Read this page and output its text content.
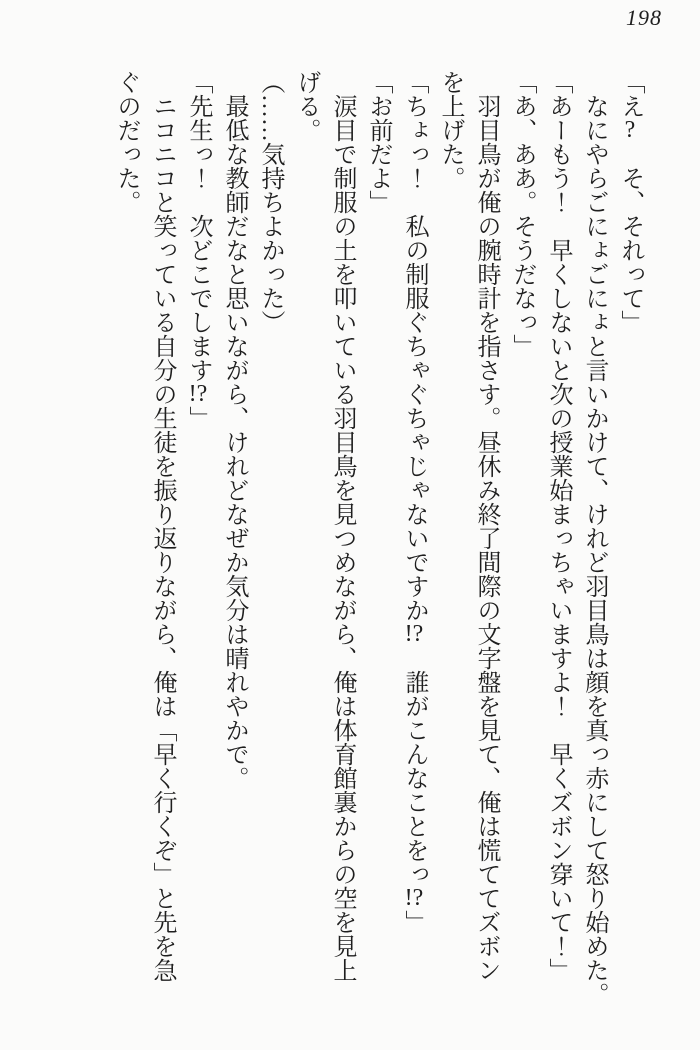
198
「え?　そ、それって」
なにやらごにょごにょと言いかけて、けれど羽目鳥は顔を真っ赤にして怒り始めた。
「あーもう！　早くしないと次の授業始まっちゃいますよ！　早くズボン穿いて！」
「あ、ああ。そうだなっ」
羽目鳥が俺の腕時計を指さす。昼休み終了間際の文字盤を見て、俺は慌ててズボン
を上げた。
「ちょっ！　私の制服ぐちゃぐちゃじゃないですか!?　誰がこんなことをっ!?」
「お前だよ」
涙目で制服の土を叩いている羽目鳥を見つめながら、俺は体育館裏からの空を見上
げる。
（……気持ちよかった）
最低な教師だなと思いながら、けれどなぜか気分は晴れやかで。
「先生っ！　次どこでします!?」
ニコニコと笑っている自分の生徒を振り返りながら、俺は「早く行くぞ」と先を急
ぐのだった。
